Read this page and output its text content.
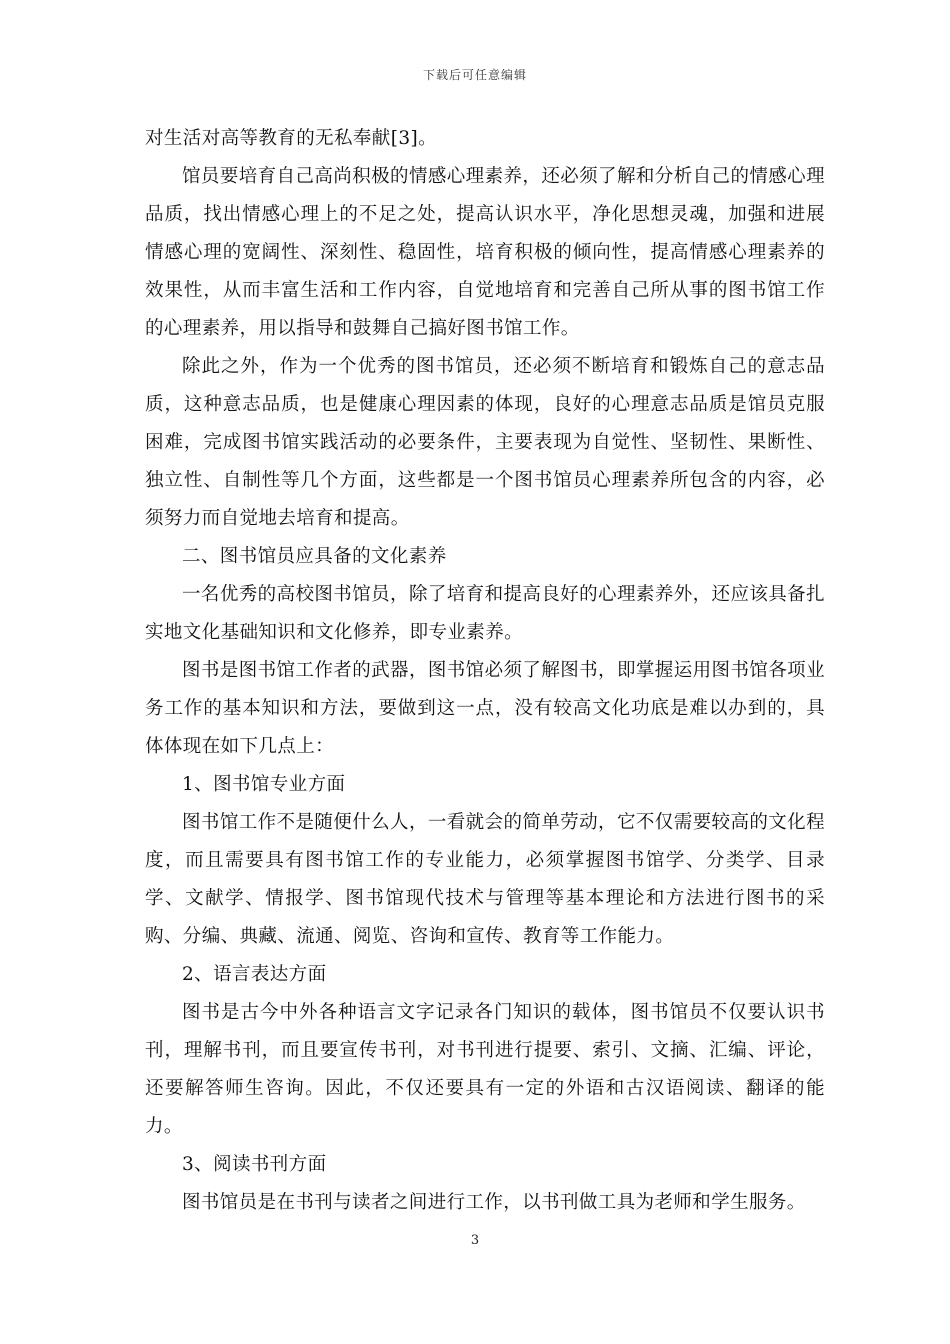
下载后可任意编辑

对生活对高等教育的无私奉献[3]。

馆员要培育自己高尚积极的情感心理素养，还必须了解和分析自己的情感心理品质，找出情感心理上的不足之处，提高认识水平，净化思想灵魂，加强和进展情感心理的宽阔性、深刻性、稳固性，培育积极的倾向性，提高情感心理素养的效果性，从而丰富生活和工作内容，自觉地培育和完善自己所从事的图书馆工作的心理素养，用以指导和鼓舞自己搞好图书馆工作。

除此之外，作为一个优秀的图书馆员，还必须不断培育和锻炼自己的意志品质，这种意志品质，也是健康心理因素的体现，良好的心理意志品质是馆员克服困难，完成图书馆实践活动的必要条件，主要表现为自觉性、坚韧性、果断性、独立性、自制性等几个方面，这些都是一个图书馆员心理素养所包含的内容，必须努力而自觉地去培育和提高。

二、图书馆员应具备的文化素养

一名优秀的高校图书馆员，除了培育和提高良好的心理素养外，还应该具备扎实地文化基础知识和文化修养，即专业素养。

图书是图书馆工作者的武器，图书馆必须了解图书，即掌握运用图书馆各项业务工作的基本知识和方法，要做到这一点，没有较高文化功底是难以办到的，具体体现在如下几点上：

1、图书馆专业方面

图书馆工作不是随便什么人，一看就会的简单劳动，它不仅需要较高的文化程度，而且需要具有图书馆工作的专业能力，必须掌握图书馆学、分类学、目录学、文献学、情报学、图书馆现代技术与管理等基本理论和方法进行图书的采购、分编、典藏、流通、阅览、咨询和宣传、教育等工作能力。

2、语言表达方面

图书是古今中外各种语言文字记录各门知识的载体，图书馆员不仅要认识书刊，理解书刊，而且要宣传书刊，对书刊进行提要、索引、文摘、汇编、评论，还要解答师生咨询。因此，不仅还要具有一定的外语和古汉语阅读、翻译的能力。

3、阅读书刊方面

图书馆员是在书刊与读者之间进行工作，以书刊做工具为老师和学生服务。

3
